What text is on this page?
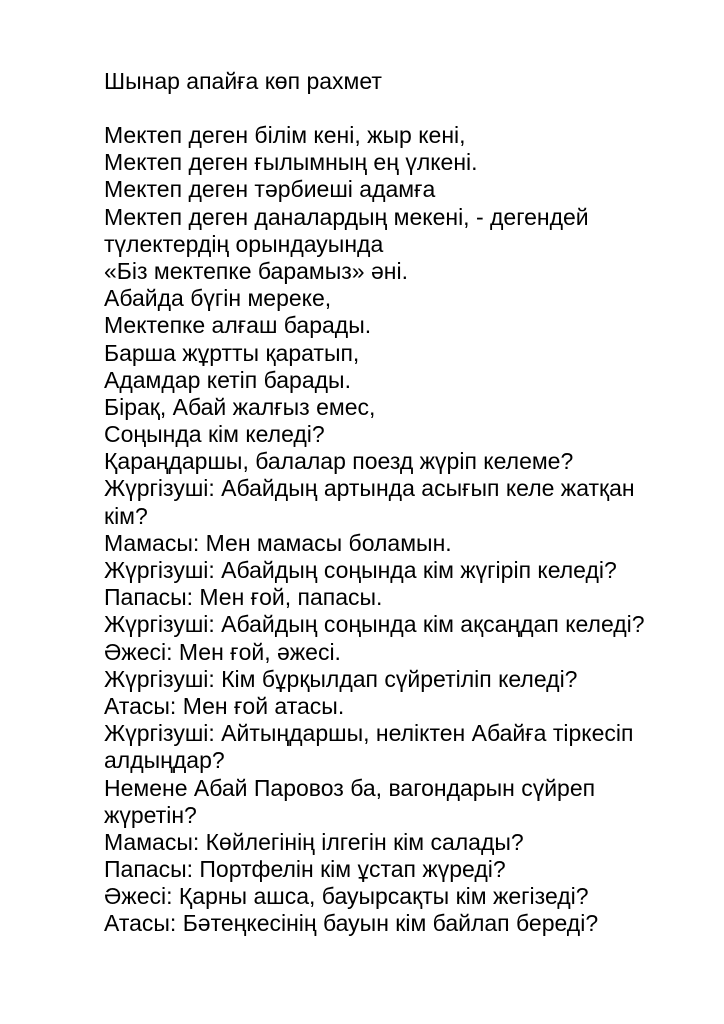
Шынар апайға көп рахмет
Мектеп деген білім кені, жыр кені,
Мектеп деген ғылымның ең үлкені.
Мектеп деген тәрбиеші адамға
Мектеп деген даналардың мекені, - дегендей
түлектердің орындауында
«Біз мектепке барамыз» əні.
Абайда бүгін мереке,
Мектепке алғаш барады.
Барша жұртты қаратып,
Адамдар кетіп барады.
Бірақ, Абай жалғыз емес,
Соңында кім келеді?
Қараңдаршы, балалар поезд жүріп келеме?
Жүргізуші: Абайдың артында асығып келе жатқан
кім?
Мамасы: Мен мамасы боламын.
Жүргізуші: Абайдың соңында кім жүгіріп келеді?
Папасы: Мен ғой, папасы.
Жүргізуші: Абайдың соңында кім ақсаңдап келеді?
Əжесі: Мен ғой, əжесі.
Жүргізуші: Кім бұрқылдап сүйретіліп келеді?
Атасы: Мен ғой атасы.
Жүргізуші: Айтыңдаршы, неліктен Абайға тіркесіп
алдыңдар?
Немене Абай Паровоз ба, вагондарын сүйреп
жүретін?
Мамасы: Көйлегінің ілгегін кім салады?
Папасы: Портфелін кім ұстап жүреді?
Əжесі: Қарны ашса, бауырсақты кім жегізеді?
Атасы: Бәтеңкесінің бауын кім байлап береді?
